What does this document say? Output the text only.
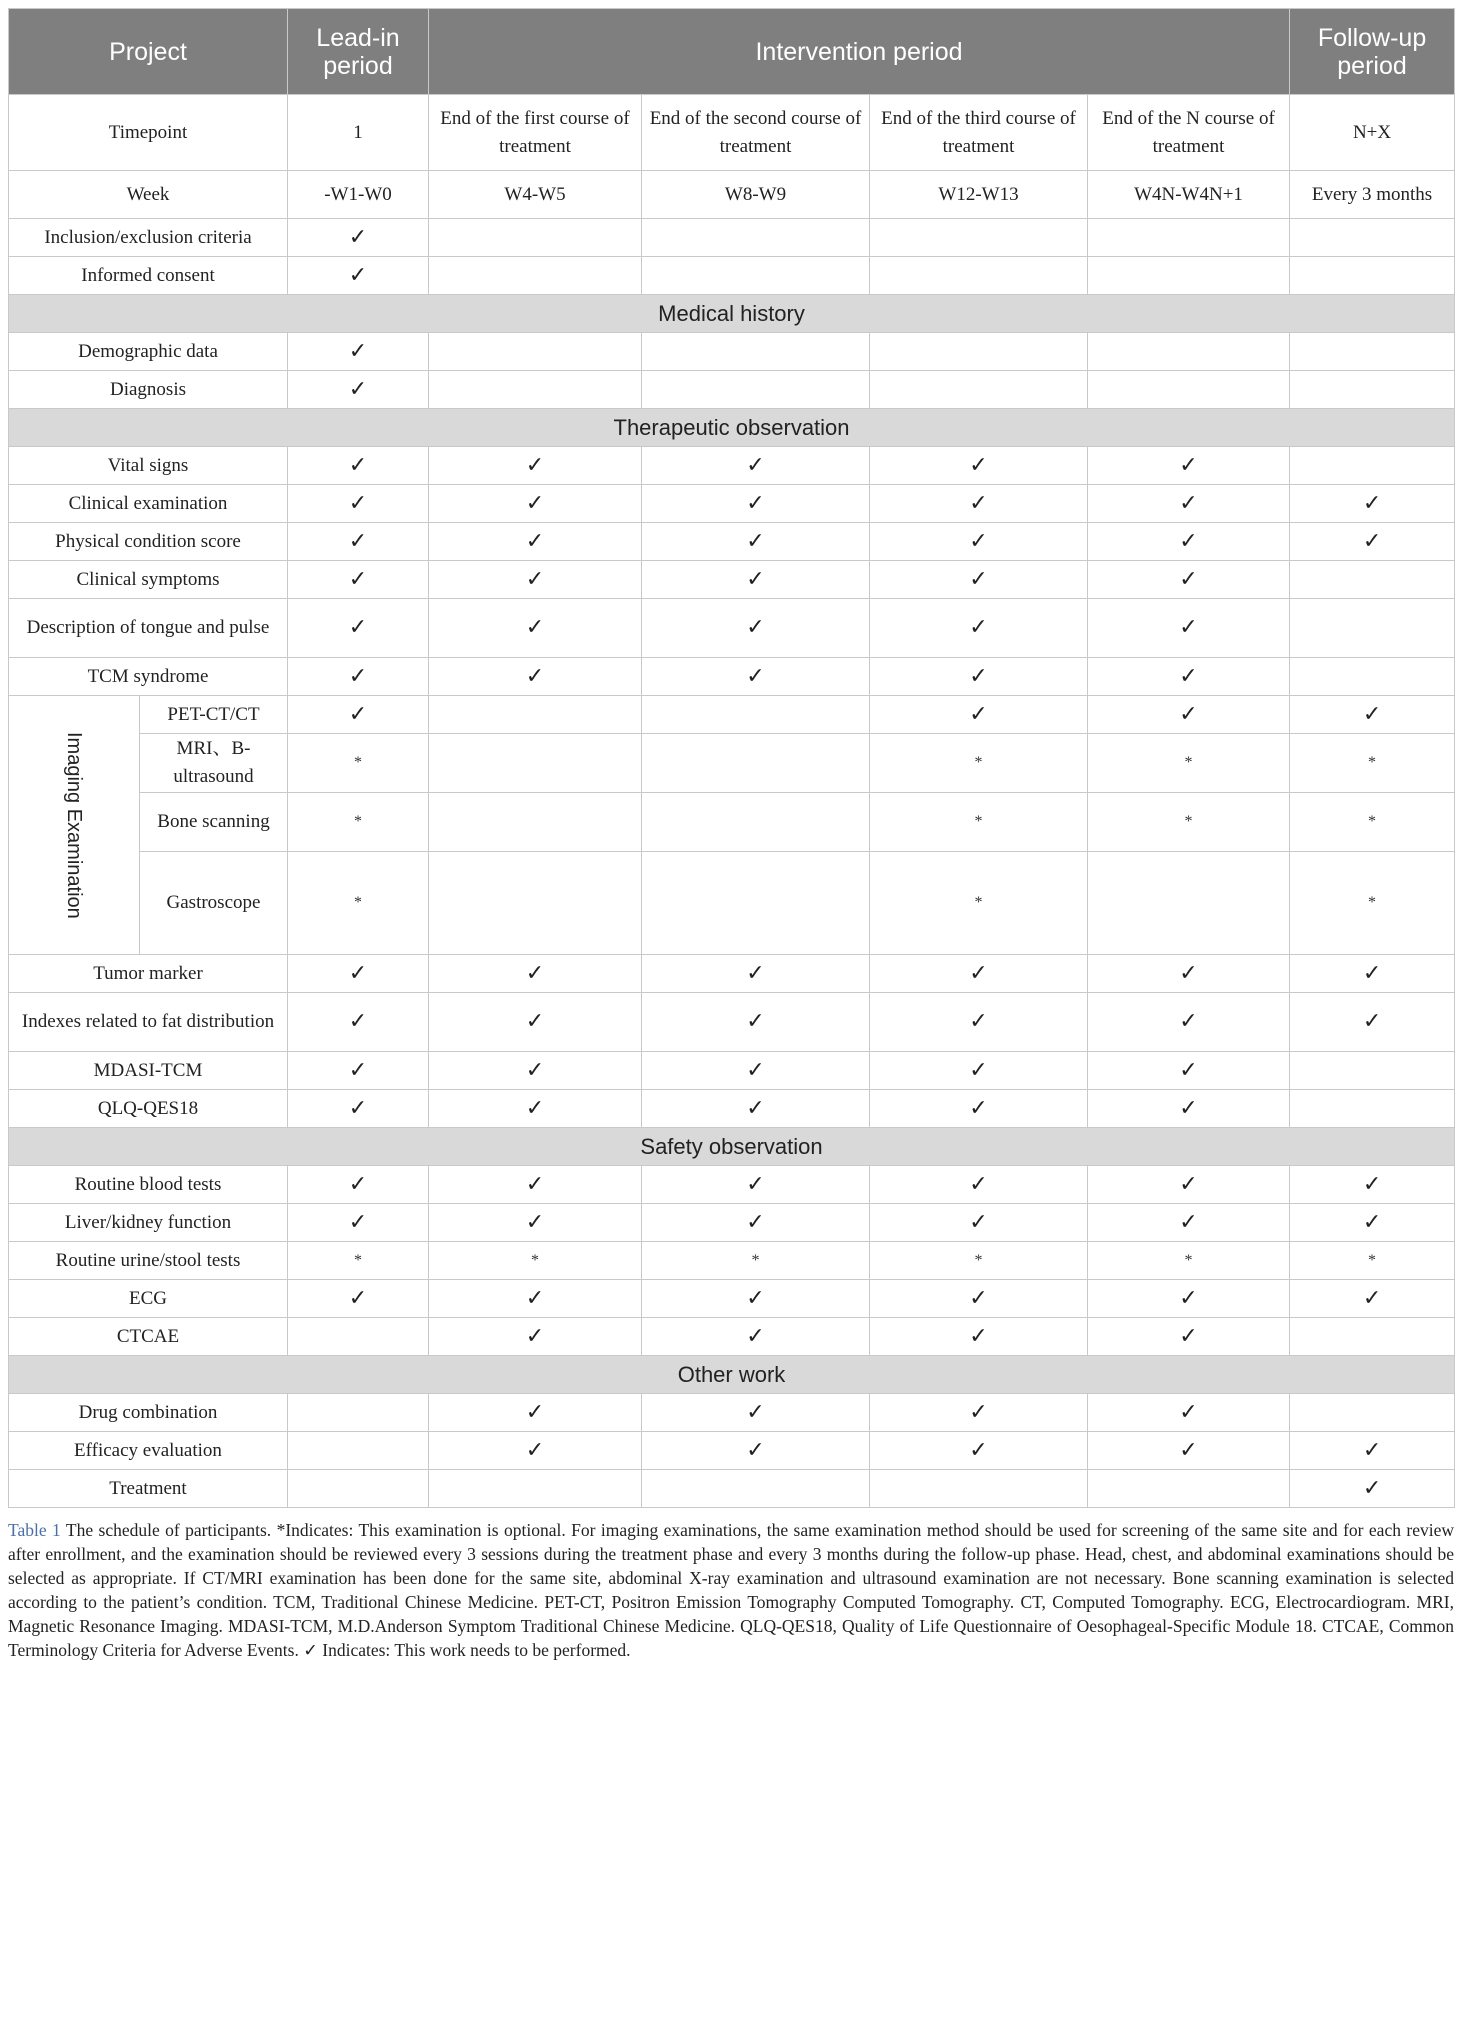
Project		Lead-in period	Intervention period				Follow-up period
Timepoint		1	End of the first course of treatment	End of the second course of treatment	End of the third course of treatment	End of the N course of treatment	N+X
Week		-W1-W0	W4-W5	W8-W9	W12-W13	W4N-W4N+1	Every 3 months
Inclusion/exclusion criteria		✓					
Informed consent		✓					
Medical history							
Demographic data		✓					
Diagnosis		✓					
Therapeutic observation							
Vital signs		✓	✓	✓	✓	✓	
Clinical examination		✓	✓	✓	✓	✓	✓
Physical condition score		✓	✓	✓	✓	✓	✓
Clinical symptoms		✓	✓	✓	✓	✓	
Description of tongue and pulse		✓	✓	✓	✓	✓	
TCM syndrome		✓	✓	✓	✓	✓	

Imaging Examination	PET-CT/CT	✓			✓	✓	✓
	MRI、B-ultrasound	*			*	*	*
	Bone scanning	*			*	*	*
	Gastroscope	*			*		*
Tumor marker		✓	✓	✓	✓	✓	✓
Indexes related to fat distribution		✓	✓	✓	✓	✓	✓
MDASI-TCM		✓	✓	✓	✓	✓	
QLQ-QES18		✓	✓	✓	✓	✓	
Safety observation							
Routine blood tests		✓	✓	✓	✓	✓	✓
Liver/kidney function		✓	✓	✓	✓	✓	✓
Routine urine/stool tests		*	*	*	*	*	*
ECG		✓	✓	✓	✓	✓	✓
CTCAE			✓	✓	✓	✓	
Other work							
Drug combination			✓	✓	✓	✓	
Efficacy evaluation			✓	✓	✓	✓	✓
Treatment							✓
Table 1 The schedule of participants. *Indicates: This examination is optional. For imaging examinations, the same examination method should be used for screening of the same site and for each review after enrollment, and the examination should be reviewed every 3 sessions during the treatment phase and every 3 months during the follow-up phase. Head, chest, and abdominal examinations should be selected as appropriate. If CT/MRI examination has been done for the same site, abdominal X-ray examination and ultrasound examination are not necessary. Bone scanning examination is selected according to the patient’s condition. TCM, Traditional Chinese Medicine. PET-CT, Positron Emission Tomography Computed Tomography. CT, Computed Tomography. ECG, Electrocardiogram. MRI, Magnetic Resonance Imaging. MDASI-TCM, M.D.Anderson Symptom Traditional Chinese Medicine. QLQ-QES18, Quality of Life Questionnaire of Oesophageal-Specific Module 18. CTCAE, Common Terminology Criteria for Adverse Events. ✓ Indicates: This work needs to be performed.
